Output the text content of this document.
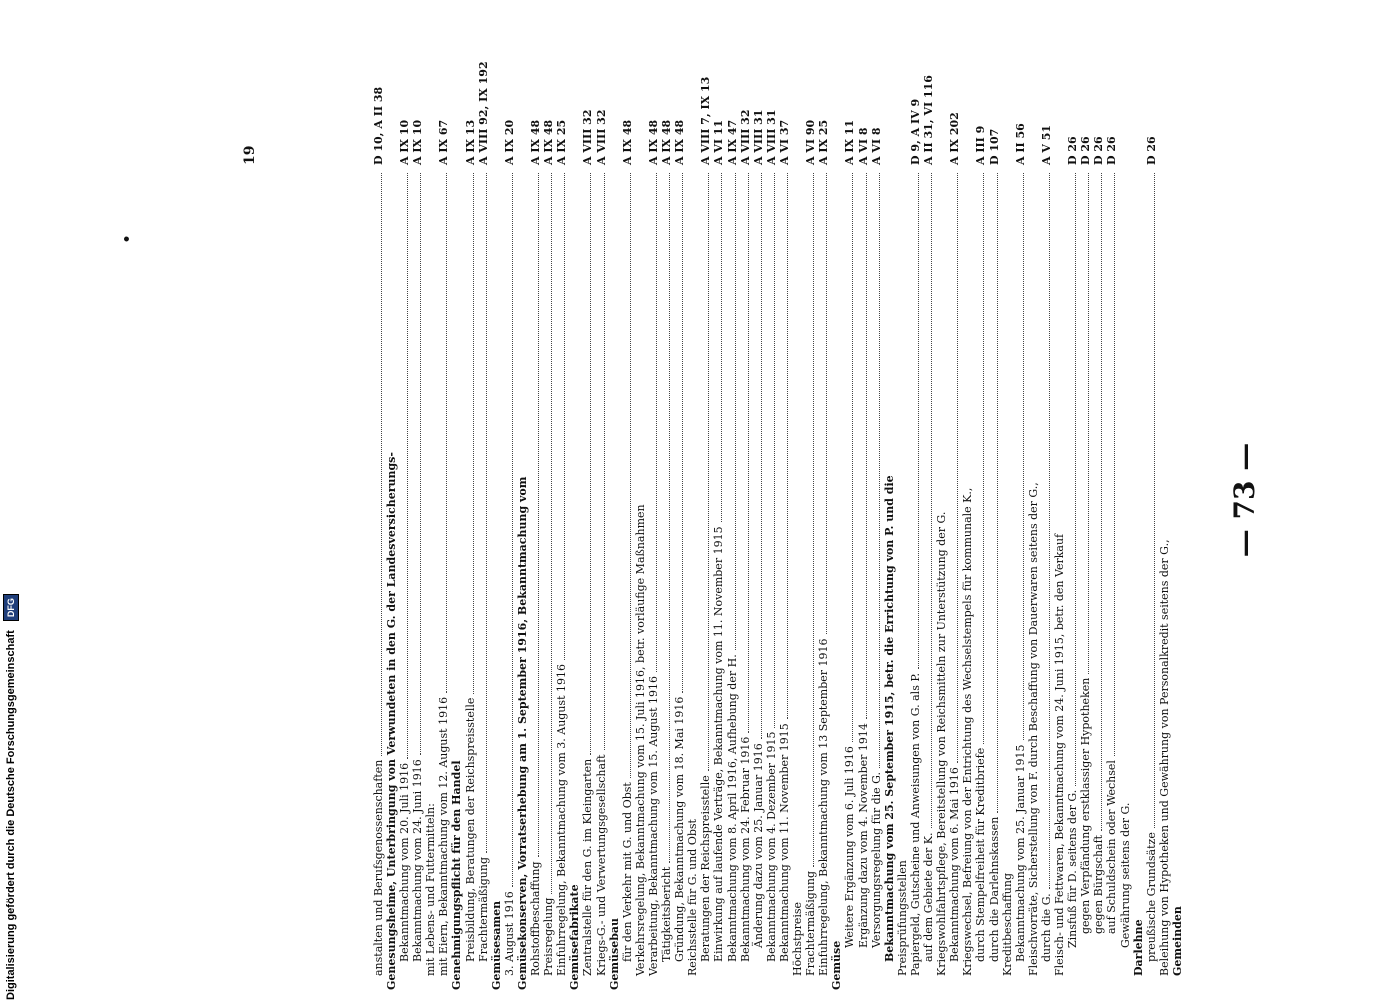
— 73 —
Gemeinden
Beleihung von Hypotheken und Gewährung von Personalkredit seitens der G.,
preußische Grundsätze
D 26
Darlehne
Gewährung seitens der G.
auf Schuldschein oder Wechsel
D 26
gegen Bürgschaft
D 26
gegen Verpfändung erstklassiger Hypotheken
D 26
Zinsfuß für D. seitens der G.
D 26
Fleisch- und Fettwaren, Bekanntmachung vom 24. Juni 1915, betr. den Verkauf
durch die G.
A V 51
Fleischvorräte, Sicherstellung von F. durch Beschaffung von Dauerwaren seitens der G.,
Bekanntmachung vom 25. Januar 1915
A II 56
Kreditbeschaffung
durch die Darlehnskassen
D 107
durch Stempelfreiheit für Kreditbriefe
A III 9
Kriegswechsel, Befreiung von der Entrichtung des Wechselstempels für kommunale K.,
Bekanntmachung vom 6. Mai 1916
A IX 202
Kriegswohlfahrtspflege, Bereitstellung von Reichsmitteln zur Unterstützung der G.
auf dem Gebiete der K.
A II 31, VI 116
Papiergeld, Gutscheine und Anweisungen von G. als P.
D 9, A IV 9
Preisprüfungsstellen
Bekanntmachung vom 25. September 1915, betr. die Errichtung von P. und die
Versorgungsregelung für die G.
A VI 8
Ergänzung dazu vom 4. November 1914
A VI 8
Weitere Ergänzung vom 6. Juli 1916
A IX 11
Gemüse
Einfuhrregelung, Bekanntmachung vom 13 September 1916
A IX 25
Frachtermäßigung
A VI 90
Höchstpreise
Bekanntmachung vom 11. November 1915
A VI 37
Bekanntmachung vom 4. Dezember 1915
A VIII 31
Änderung dazu vom 25. Januar 1916
A VIII 31
Bekanntmachung vom 24. Februar 1916
A VIII 32
Bekanntmachung vom 8. April 1916, Aufhebung der H.
A IX 47
Einwirkung auf laufende Verträge, Bekanntmachung vom 11. November 1915
A VI 11
Beratungen der Reichspreisstelle
A VIII 7, IX 13
Reichsstelle für G. und Obst
Gründung, Bekanntmachung vom 18. Mai 1916
A IX 48
Tätigkeitsbericht
A IX 48
Verarbeitung, Bekanntmachung vom 15. August 1916
A IX 48
Verkehrsregelung, Bekanntmachung vom 15. Juli 1916, betr. vorläufige Maßnahmen
für den Verkehr mit G. und Obst
A IX 48
Gemüsebau
Kriegs-G.- und Verwertungsgesellschaft
A VIII 32
Zentralstelle für den G. im Kleingarten
A VIII 32
Gemüsefabrikate
Einfuhrregelung, Bekanntmachung vom 3. August 1916
A IX 25
Preisregelung
A IX 48
Rohstoffbeschaffung
A IX 48
Gemüsekonserven, Vorratserhebung am 1. September 1916, Bekanntmachung vom
3. August 1916
A IX 20
Gemüsesamen
Frachtermäßigung
A VIII 92, IX 192
Preisbildung, Beratungen der Reichspreisstelle
A IX 13
Genehmigungspflicht für den Handel
mit Eiern, Bekanntmachung vom 12. August 1916
A IX 67
mit Lebens- und Futtermitteln:
Bekanntmachung vom 24. Juni 1916
A IX 10
Bekanntmachung vom 20. Juli 1916
A IX 10
Genesungsheime, Unterbringung von Verwundeten in den G. der Landesversicherungs-
anstalten und Berufsgenossenschaften
D 10, A II 38
19
•
Digitalisierung gefördert durch die Deutsche Forschungsgemeinschaft DFG
